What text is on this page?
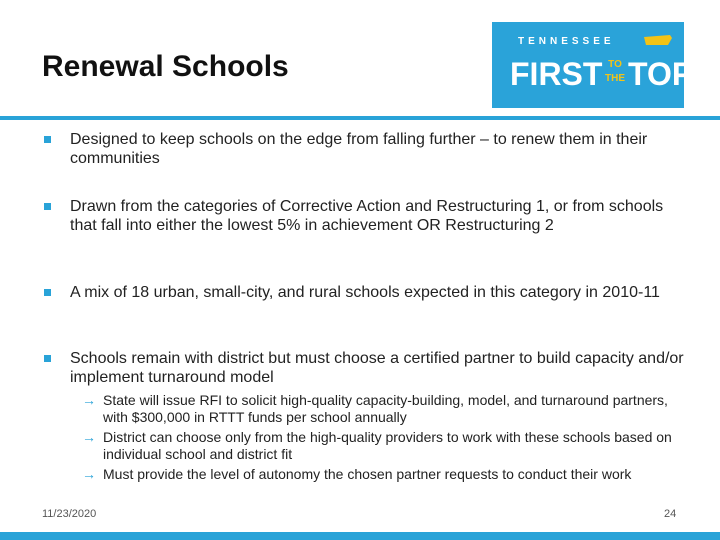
Renewal Schools
TENNESSEE
FIRST TO
THE TOP
Designed to keep schools on the edge from falling further – to renew them in their communities
Drawn from the categories of Corrective Action and Restructuring 1, or from schools that fall into either the lowest 5% in achievement OR Restructuring 2
A mix of 18 urban, small-city, and rural schools expected in this category in 2010-11
Schools remain with district but must choose a certified partner to build capacity and/or implement turnaround model
→ State will issue RFI to solicit high-quality capacity-building, model, and turnaround partners, with $300,000 in RTTT funds per school annually
→ District can choose only from the high-quality providers to work with these schools based on individual school and district fit
→ Must provide the level of autonomy the chosen partner requests to conduct their work
11/23/2020	24
